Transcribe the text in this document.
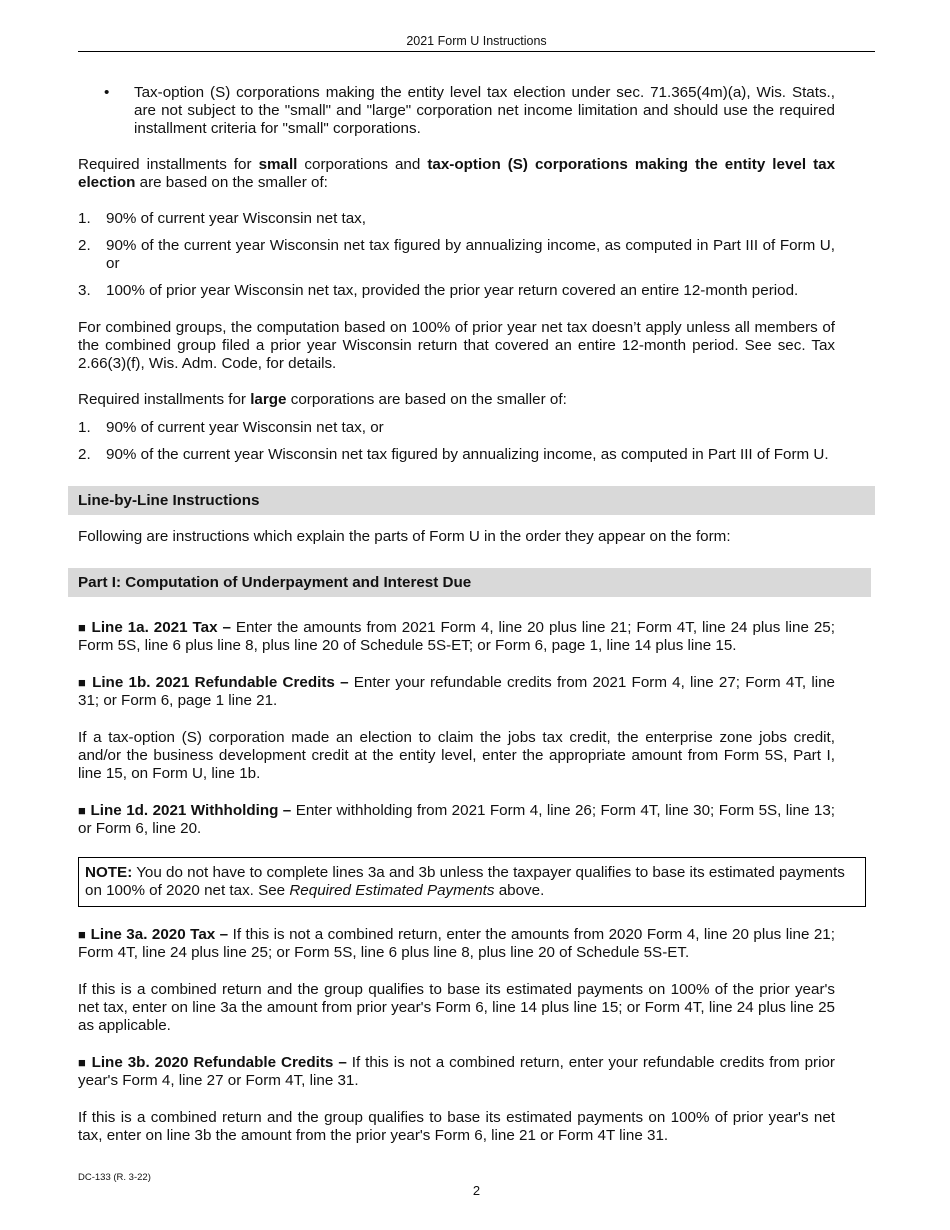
2021 Form U Instructions
• Tax-option (S) corporations making the entity level tax election under sec. 71.365(4m)(a), Wis. Stats., are not subject to the "small" and "large" corporation net income limitation and should use the required installment criteria for "small" corporations.

Required installments for small corporations and tax-option (S) corporations making the entity level tax election are based on the smaller of:

1. 90% of current year Wisconsin net tax,
2. 90% of the current year Wisconsin net tax figured by annualizing income, as computed in Part III of Form U, or
3. 100% of prior year Wisconsin net tax, provided the prior year return covered an entire 12-month period.

For combined groups, the computation based on 100% of prior year net tax doesn’t apply unless all members of the combined group filed a prior year Wisconsin return that covered an entire 12-month period. See sec. Tax 2.66(3)(f), Wis. Adm. Code, for details.

Required installments for large corporations are based on the smaller of:

1. 90% of current year Wisconsin net tax, or
2. 90% of the current year Wisconsin net tax figured by annualizing income, as computed in Part III of Form U.
Line-by-Line Instructions

Following are instructions which explain the parts of Form U in the order they appear on the form:

Part I: Computation of Underpayment and Interest Due

■ Line 1a. 2021 Tax – Enter the amounts from 2021 Form 4, line 20 plus line 21; Form 4T, line 24 plus line 25; Form 5S, line 6 plus line 8, plus line 20 of Schedule 5S-ET; or Form 6, page 1, line 14 plus line 15.

■ Line 1b. 2021 Refundable Credits – Enter your refundable credits from 2021 Form 4, line 27; Form 4T, line 31; or Form 6, page 1 line 21.

If a tax-option (S) corporation made an election to claim the jobs tax credit, the enterprise zone jobs credit, and/or the business development credit at the entity level, enter the appropriate amount from Form 5S, Part I, line 15, on Form U, line 1b.

■ Line 1d. 2021 Withholding – Enter withholding from 2021 Form 4, line 26; Form 4T, line 30; Form 5S, line 13; or Form 6, line 20.

NOTE: You do not have to complete lines 3a and 3b unless the taxpayer qualifies to base its estimated payments on 100% of 2020 net tax. See Required Estimated Payments above.

■ Line 3a. 2020 Tax – If this is not a combined return, enter the amounts from 2020 Form 4, line 20 plus line 21; Form 4T, line 24 plus line 25; or Form 5S, line 6 plus line 8, plus line 20 of Schedule 5S-ET.

If this is a combined return and the group qualifies to base its estimated payments on 100% of the prior year's net tax, enter on line 3a the amount from prior year's Form 6, line 14 plus line 15; or Form 4T, line 24 plus line 25 as applicable.

■ Line 3b. 2020 Refundable Credits – If this is not a combined return, enter your refundable credits from prior year's Form 4, line 27 or Form 4T, line 31.

If this is a combined return and the group qualifies to base its estimated payments on 100% of prior year's net tax, enter on line 3b the amount from the prior year's Form 6, line 21 or Form 4T line 31.

DC-133 (R. 3-22)
2
